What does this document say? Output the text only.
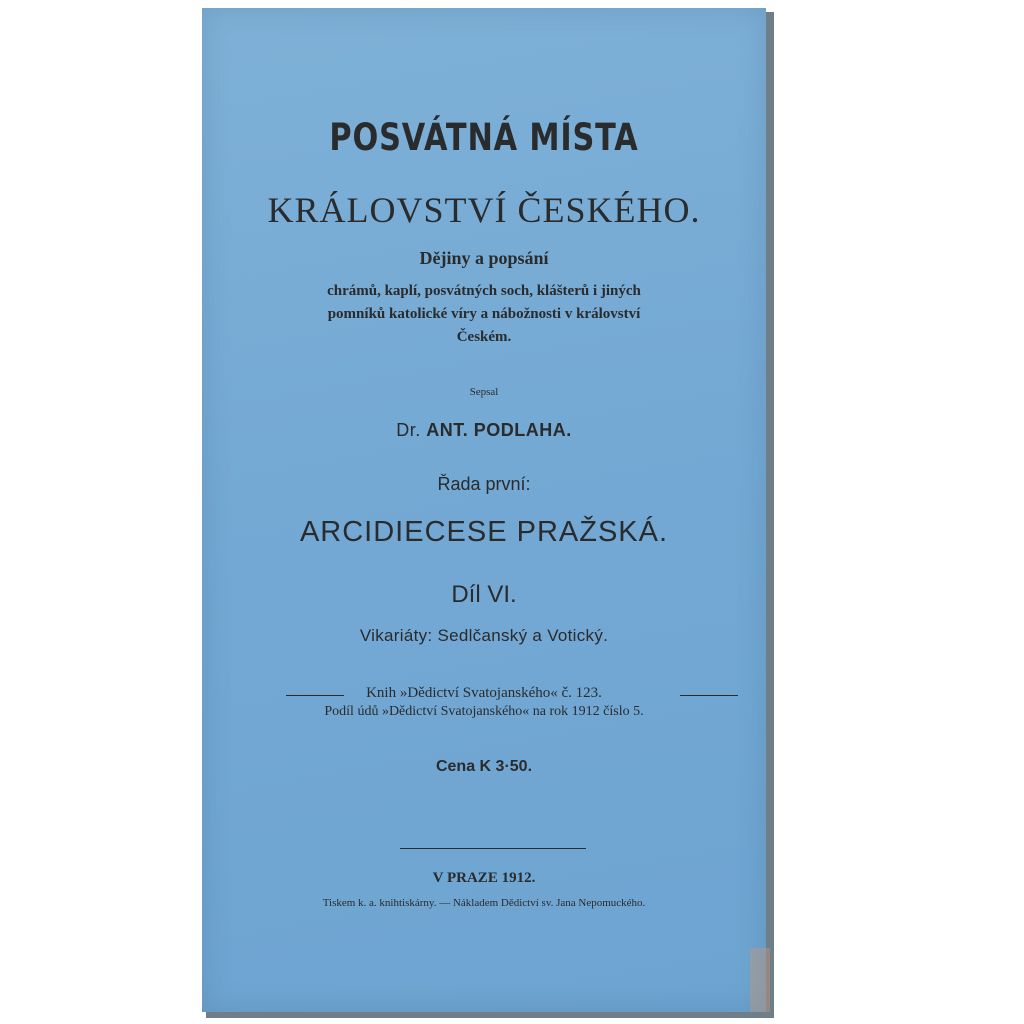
POSVÁTNÁ MÍSTA
KRÁLOVSTVÍ ČESKÉHO.
Dějiny a popsání
chrámů, kaplí, posvátných soch, klášterů i jiných
pomníků katolické víry a nábožnosti v království
Českém.
Sepsal
Dr. ANT. PODLAHA.
Řada první:
ARCIDIECESE PRAŽSKÁ.
Díl VI.
Vikariáty: Sedlčanský a Votický.
Knih »Dědictví Svatojanského« č. 123.
Podíl údů »Dědictví Svatojanského« na rok 1912 číslo 5.
Cena K 3·50.
V PRAZE 1912.
Tiskem k. a. knihtiskárny. — Nákladem Dědictví sv. Jana Nepomuckého.
